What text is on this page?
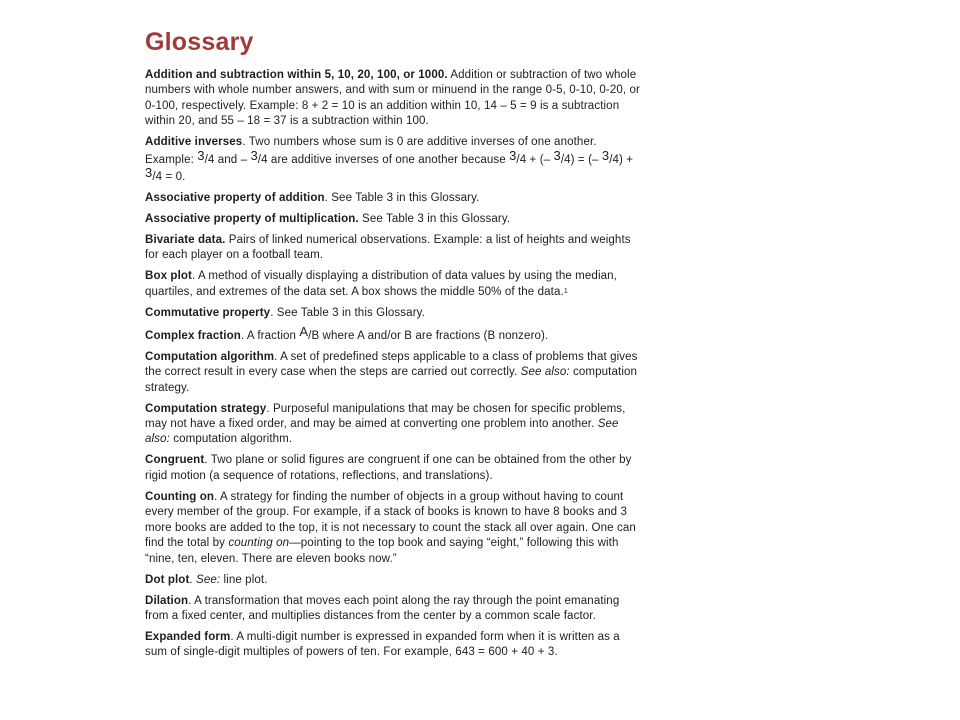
Glossary

Addition and subtraction within 5, 10, 20, 100, or 1000. Addition or subtraction of two whole numbers with whole number answers, and with sum or minuend in the range 0-5, 0-10, 0-20, or 0-100, respectively. Example: 8 + 2 = 10 is an addition within 10, 14 – 5 = 9 is a subtraction within 20, and 55 – 18 = 37 is a subtraction within 100.

Additive inverses. Two numbers whose sum is 0 are additive inverses of one another. Example: 3/4 and – 3/4 are additive inverses of one another because 3/4 + (– 3/4) = (– 3/4) + 3/4 = 0.

Associative property of addition. See Table 3 in this Glossary.

Associative property of multiplication. See Table 3 in this Glossary.

Bivariate data. Pairs of linked numerical observations. Example: a list of heights and weights for each player on a football team.

Box plot. A method of visually displaying a distribution of data values by using the median, quartiles, and extremes of the data set. A box shows the middle 50% of the data.$^1$

Commutative property. See Table 3 in this Glossary.

Complex fraction. A fraction A/B where A and/or B are fractions (B nonzero).

Computation algorithm. A set of predefined steps applicable to a class of problems that gives the correct result in every case when the steps are carried out correctly. See also: computation strategy.

Computation strategy. Purposeful manipulations that may be chosen for specific problems, may not have a fixed order, and may be aimed at converting one problem into another. See also: computation algorithm.

Congruent. Two plane or solid figures are congruent if one can be obtained from the other by rigid motion (a sequence of rotations, reflections, and translations).

Counting on. A strategy for finding the number of objects in a group without having to count every member of the group. For example, if a stack of books is known to have 8 books and 3 more books are added to the top, it is not necessary to count the stack all over again. One can find the total by counting on—pointing to the top book and saying “eight,” following this with “nine, ten, eleven. There are eleven books now.”

Dot plot. See: line plot.

Dilation. A transformation that moves each point along the ray through the point emanating from a fixed center, and multiplies distances from the center by a common scale factor.

Expanded form. A multi-digit number is expressed in expanded form when it is written as a sum of single-digit multiples of powers of ten. For example, 643 = 600 + 40 + 3.
